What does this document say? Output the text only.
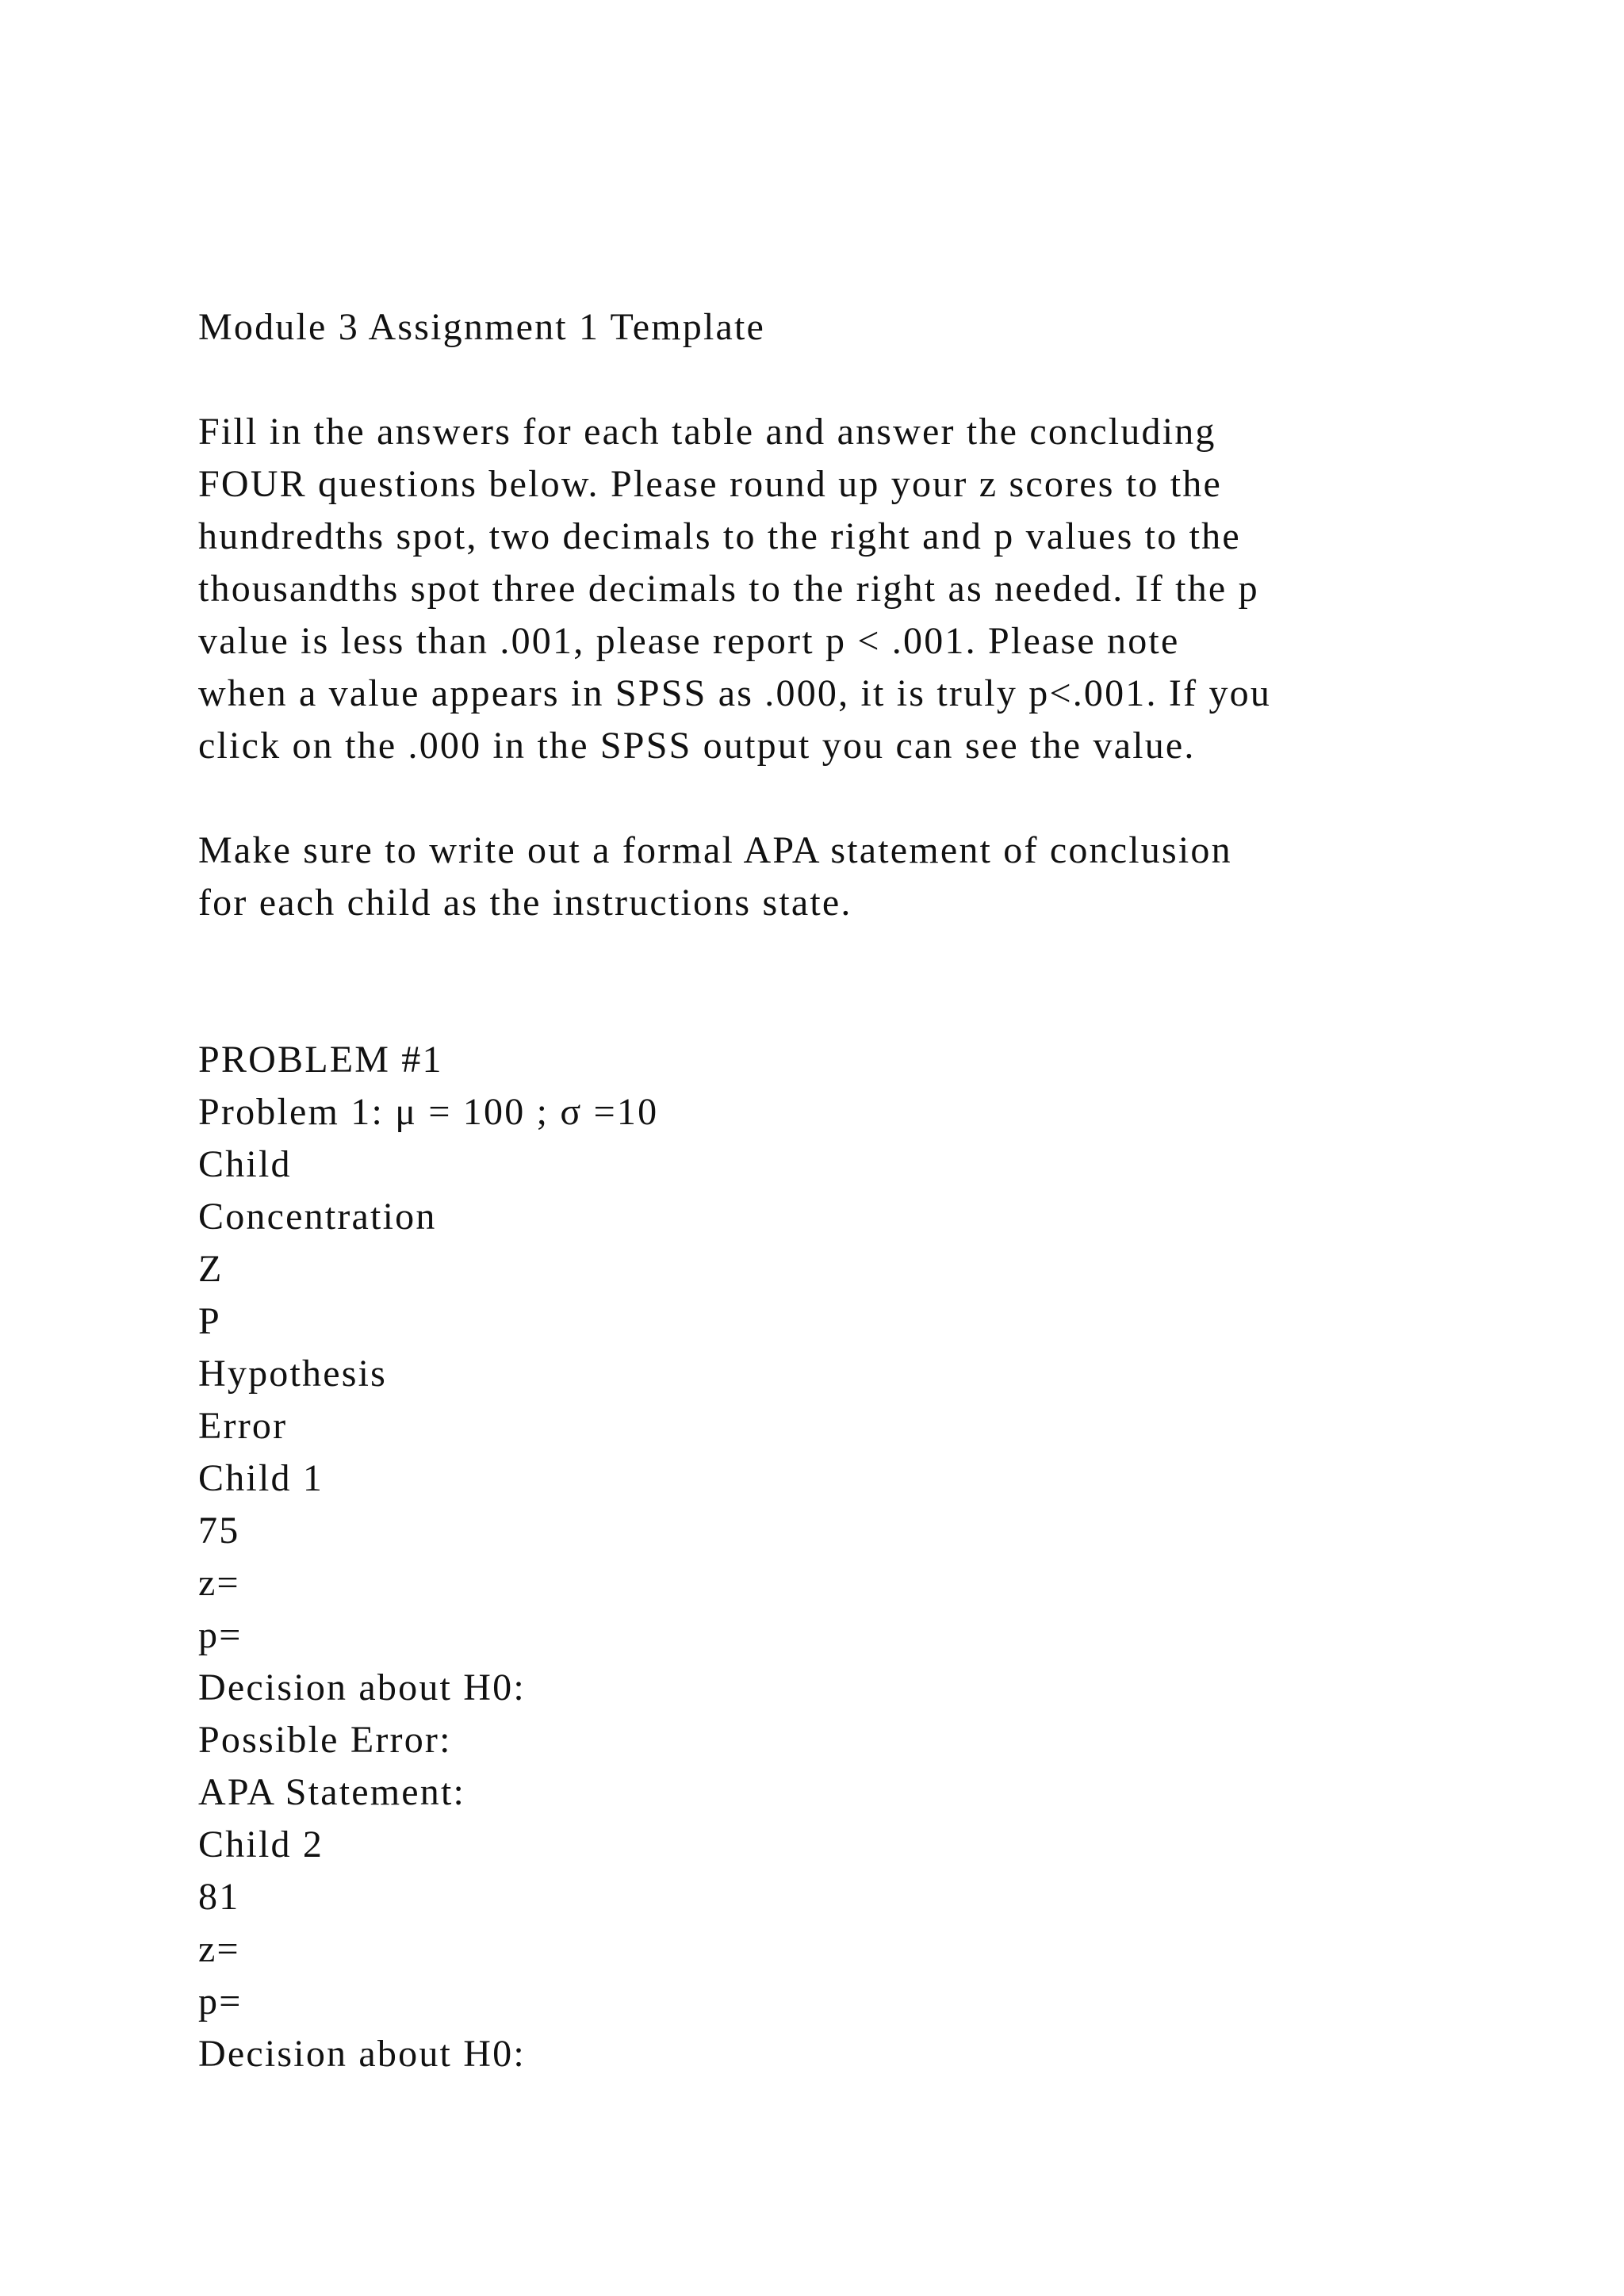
Module 3 Assignment 1 Template

Fill in the answers for each table and answer the concluding
FOUR questions below. Please round up your z scores to the
hundredths spot, two decimals to the right and p values to the
thousandths spot three decimals to the right as needed. If the p
value is less than .001, please report p < .001. Please note
when a value appears in SPSS as .000, it is truly p<.001. If you
click on the .000 in the SPSS output you can see the value.

Make sure to write out a formal APA statement of conclusion
for each child as the instructions state.

PROBLEM #1

Problem 1: μ = 100 ; σ =10

Child

Concentration

Z

P

Hypothesis

Error

Child 1

75

z=

p=

Decision about H0:

Possible Error:

APA Statement:

Child 2

81

z=

p=

Decision about H0:
